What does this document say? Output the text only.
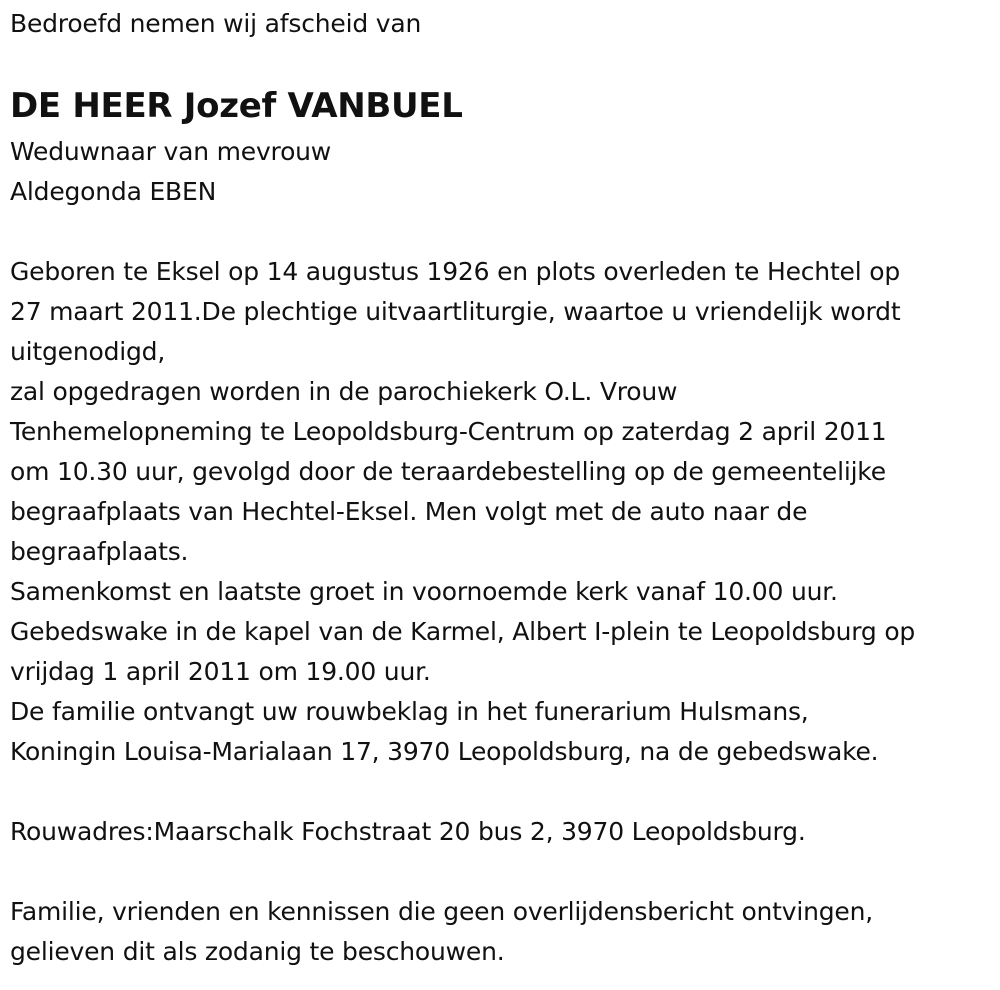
Bedroefd nemen wij afscheid van
DE HEER Jozef VANBUEL
Weduwnaar van mevrouw
Aldegonda EBEN
Geboren te Eksel op 14 augustus 1926 en plots overleden te Hechtel op
27 maart 2011.De plechtige uitvaartliturgie, waartoe u vriendelijk wordt
uitgenodigd,
zal opgedragen worden in de parochiekerk O.L. Vrouw
Tenhemelopneming te Leopoldsburg-Centrum op zaterdag 2 april 2011
om 10.30 uur, gevolgd door de teraardebestelling op de gemeentelijke
begraafplaats van Hechtel-Eksel. Men volgt met de auto naar de
begraafplaats.
Samenkomst en laatste groet in voornoemde kerk vanaf 10.00 uur.
Gebedswake in de kapel van de Karmel, Albert I-plein te Leopoldsburg op
vrijdag 1 april 2011 om 19.00 uur.
De familie ontvangt uw rouwbeklag in het funerarium Hulsmans,
Koningin Louisa-Marialaan 17, 3970 Leopoldsburg, na de gebedswake.
Rouwadres:Maarschalk Fochstraat 20 bus 2, 3970 Leopoldsburg.
Familie, vrienden en kennissen die geen overlijdensbericht ontvingen,
gelieven dit als zodanig te beschouwen.
